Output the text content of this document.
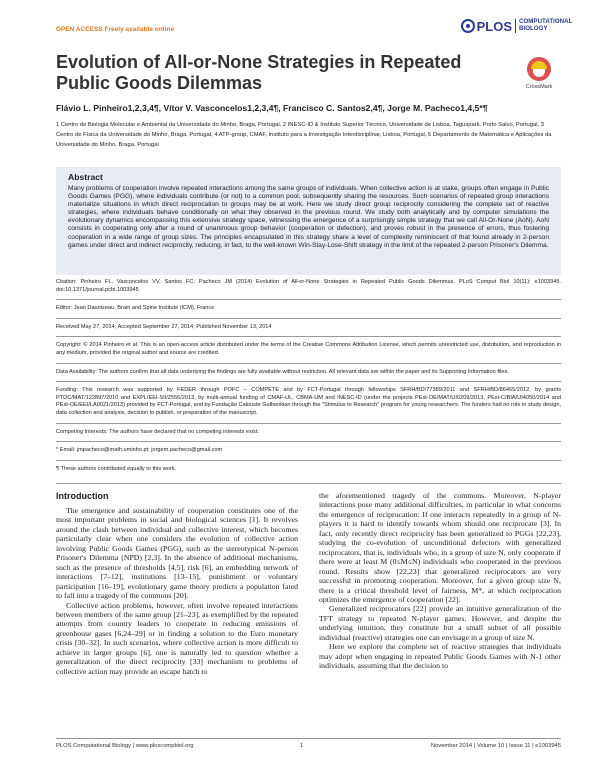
OPEN ACCESS Freely available online	PLOS	COMPUTATIONAL BIOLOGY
Evolution of All-or-None Strategies in Repeated Public Goods Dilemmas	CrossMark
Flávio L. Pinheiro1,2,3,4¶, Vítor V. Vasconcelos1,2,3,4¶, Francisco C. Santos2,4¶, Jorge M. Pacheco1,4,5*¶
1 Centro de Biologia Molecular e Ambiental da Universidade do Minho, Braga, Portugal, 2 INESC-ID & Instituto Superior Técnico, Universidade de Lisboa, Taguspark, Porto Salvo, Portugal, 3 Centro de Física da Universidade do Minho, Braga, Portugal, 4 ATP-group, CMAF, Instituto para a Investigação Interdisciplinar, Lisboa, Portugal, 5 Departamento de Matemática e Aplicações da Universidade do Minho, Braga, Portugal
Abstract

Many problems of cooperation involve repeated interactions among the same groups of individuals. When collective action is at stake, groups often engage in Public Goods Games (PGG), where individuals contribute (or not) to a common pool, subsequently sharing the resources. Such scenarios of repeated group interactions materialize situations in which direct reciprocation to groups may be at work. Here we study direct group reciprocity considering the complete set of reactive strategies, where individuals behave conditionally on what they observed in the previous round. We study both analytically and by computer simulations the evolutionary dynamics encompassing this extensive strategy space, witnessing the emergence of a surprisingly simple strategy that we call All-Or-None (AoN). AoN consists in cooperating only after a round of unanimous group behavior (cooperation or defection), and proves robust in the presence of errors, thus fostering cooperation in a wide range of group sizes. The principles encapsulated in this strategy share a level of complexity reminiscent of that found already in 2-person games under direct and indirect reciprocity, reducing, in fact, to the well-known Win-Stay-Lose-Shift strategy in the limit of the repeated 2-person Prisoner's Dilemma.

Citation: Pinheiro FL, Vasconcelos VV, Santos FC, Pacheco JM (2014) Evolution of All-or-None Strategies in Repeated Public Goods Dilemmas. PLoS Comput Biol 10(11): e1003945. doi:10.1371/journal.pcbi.1003945

Editor: Jean Daunizeau, Brain and Spine Institute (ICM), France

Received May 27, 2014; Accepted September 27, 2014; Published November 13, 2014

Copyright: © 2014 Pinheiro et al. This is an open-access article distributed under the terms of the Creative Commons Attribution License, which permits unrestricted use, distribution, and reproduction in any medium, provided the original author and source are credited.

Data Availability: The authors confirm that all data underlying the findings are fully available without restriction. All relevant data are within the paper and its Supporting Information files.

Funding: This research was supported by FEDER through POFC – COMPETE and by FCT-Portugal through fellowships SFRH/BD/77389/2011 and SFRH/BD/86465/2012, by grants PTDC/MAT/122897/2010 and EXPL/EEI-SII/2556/2013, by multi-annual funding of CMAF-UL, CBMA-UM and INESC-ID (under the projects PEst-OE/MAT/UI0209/2013, PEst-C/BIA/UI4050/2014 and PEst-OE/EEI/LA0021/2013) provided by FCT-Portugal, and by Fundação Calouste Gulbenkian through the "Stimulus to Research" program for young researchers. The funders had no role in study design, data collection and analysis, decision to publish, or preparation of the manuscript.

Competing Interests: The authors have declared that no competing interests exist.

* Email: jmpacheco@math.uminho.pt; jorgem.pacheco@gmail.com

¶ These authors contributed equally to this work.

Introduction

The emergence and sustainability of cooperation constitutes one of the most important problems in social and biological sciences [1]. It revolves around the clash between individual and collective interest, which becomes particularly clear when one considers the evolution of collective action involving Public Goods Games (PGG), such as the stereotypical N-person Prisoner's Dilemma (NPD) [2,3]. In the absence of additional mechanisms, such as the presence of thresholds [4,5], risk [6], an embedding network of interactions [7–12], institutions [13–15], punishment or voluntary participation [16–19], evolutionary game theory predicts a population fated to fall into a tragedy of the commons [20].

Collective action problems, however, often involve repeated interactions between members of the same group [21–23], as exemplified by the repeated attempts from country leaders to cooperate in reducing emissions of greenhouse gases [6,24–29] or in finding a solution to the Euro monetary crisis [30–32]. In such scenarios, where collective action is more difficult to achieve in larger groups [6], one is naturally led to question whether a generalization of the direct reciprocity [33] mechanism to problems of collective action may provide an escape hatch to

the aforementioned tragedy of the commons. Moreover, N-player interactions pose many additional difficulties, in particular in what concerns the emergence of reciprocation: If one interacts repeatedly in a group of N-players it is hard to identify towards whom should one reciprocate [3]. In fact, only recently direct reciprocity has been generalized to PGGs [22,23], studying the co-evolution of unconditional defectors with generalized reciprocators, that is, individuals who, in a group of size N, only cooperate if there were at least M (0≤M≤N) individuals who cooperated in the previous round. Results show [22,23] that generalized reciprocators are very successful in promoting cooperation. Moreover, for a given group size N, there is a critical threshold level of fairness, M*, at which reciprocation optimizes the emergence of cooperation [22].

Generalized reciprocators [22] provide an intuitive generalization of the TFT strategy to repeated N-player games. However, and despite the underlying intuition, they constitute but a small subset of all possible individual (reactive) strategies one can envisage in a group of size N.

Here we explore the complete set of reactive strategies that individuals may adopt when engaging in repeated Public Goods Games with N-1 other individuals, assuming that the decision to

PLOS Computational Biology | www.ploscompbiol.org	1	November 2014 | Volume 10 | Issue 11 | e1003945
